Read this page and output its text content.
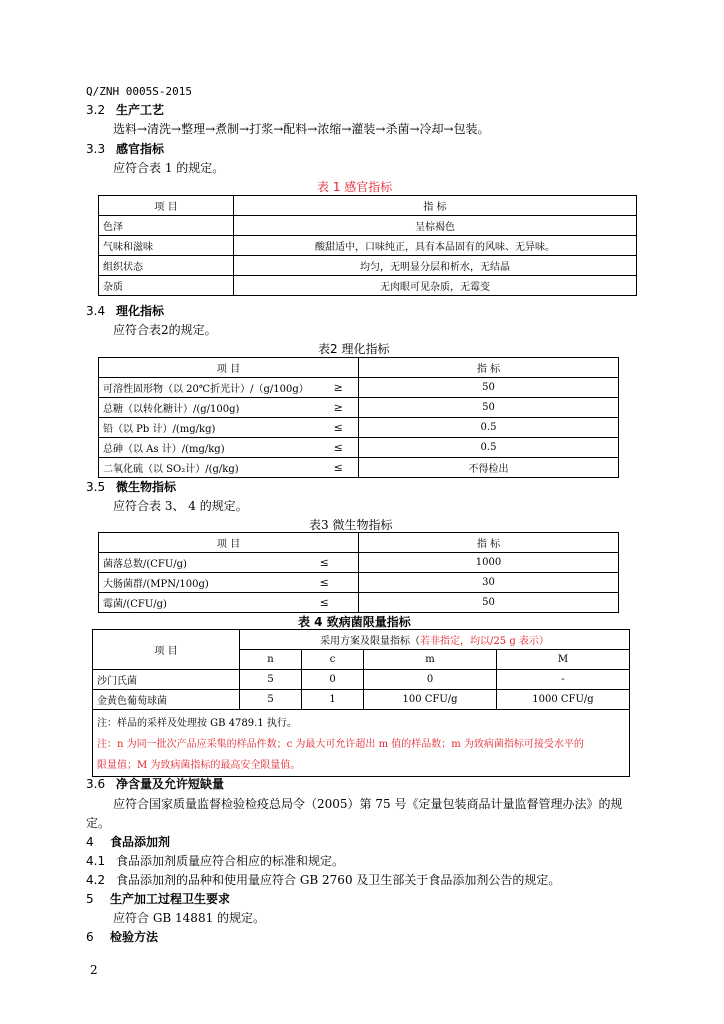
Q/ZNH 0005S-2015
3.2 生产工艺
选料→清洗→整理→煮制→打浆→配料→浓缩→灌装→杀菌→冷却→包装。
3.3 感官指标
应符合表 1 的规定。
表 1 感官指标
项 目	指 标
色泽	呈棕褐色
气味和滋味	酸甜适中，口味纯正，具有本品固有的风味、无异味。
组织状态	均匀，无明显分层和析水，无结晶
杂质	无肉眼可见杂质，无霉变
3.4 理化指标
应符合表2的规定。
表2 理化指标
项 目		指 标
可溶性固形物（以 20℃折光计）/（g/100g）	≥	50
总糖（以转化糖计）/(g/100g)	≥	50
铅（以 Pb 计）/(mg/kg)	≤	0.5
总砷（以 As 计）/(mg/kg)	≤	0.5
二氧化硫（以 SO₂计）/(g/kg)	≤	不得检出
3.5 微生物指标
应符合表 3、 4 的规定。
表3 微生物指标
项 目		指 标
菌落总数/(CFU/g)	≤	1000
大肠菌群/(MPN/100g)	≤	30
霉菌/(CFU/g)	≤	50
表 4 致病菌限量指标
项 目	采用方案及限量指标（若非指定，均以/25 g 表示）			
	n	c	m	M
沙门氏菌	5	0	0	-
金黄色葡萄球菌	5	1	100 CFU/g	1000 CFU/g

注：样品的采样及处理按 GB 4789.1 执行。
注：n 为同一批次产品应采集的样品件数；c 为最大可允许超出 m 值的样品数；m 为致病菌指标可接受水平的
限量值；M 为致病菌指标的最高安全限量值。				
3.6 净含量及允许短缺量
应符合国家质量监督检验检疫总局令（2005）第 75 号《定量包装商品计量监督管理办法》的规
定。
4 食品添加剂
4.1 食品添加剂质量应符合相应的标准和规定。
4.2 食品添加剂的品种和使用量应符合 GB 2760 及卫生部关于食品添加剂公告的规定。
5 生产加工过程卫生要求
应符合 GB 14881 的规定。
6 检验方法
2
